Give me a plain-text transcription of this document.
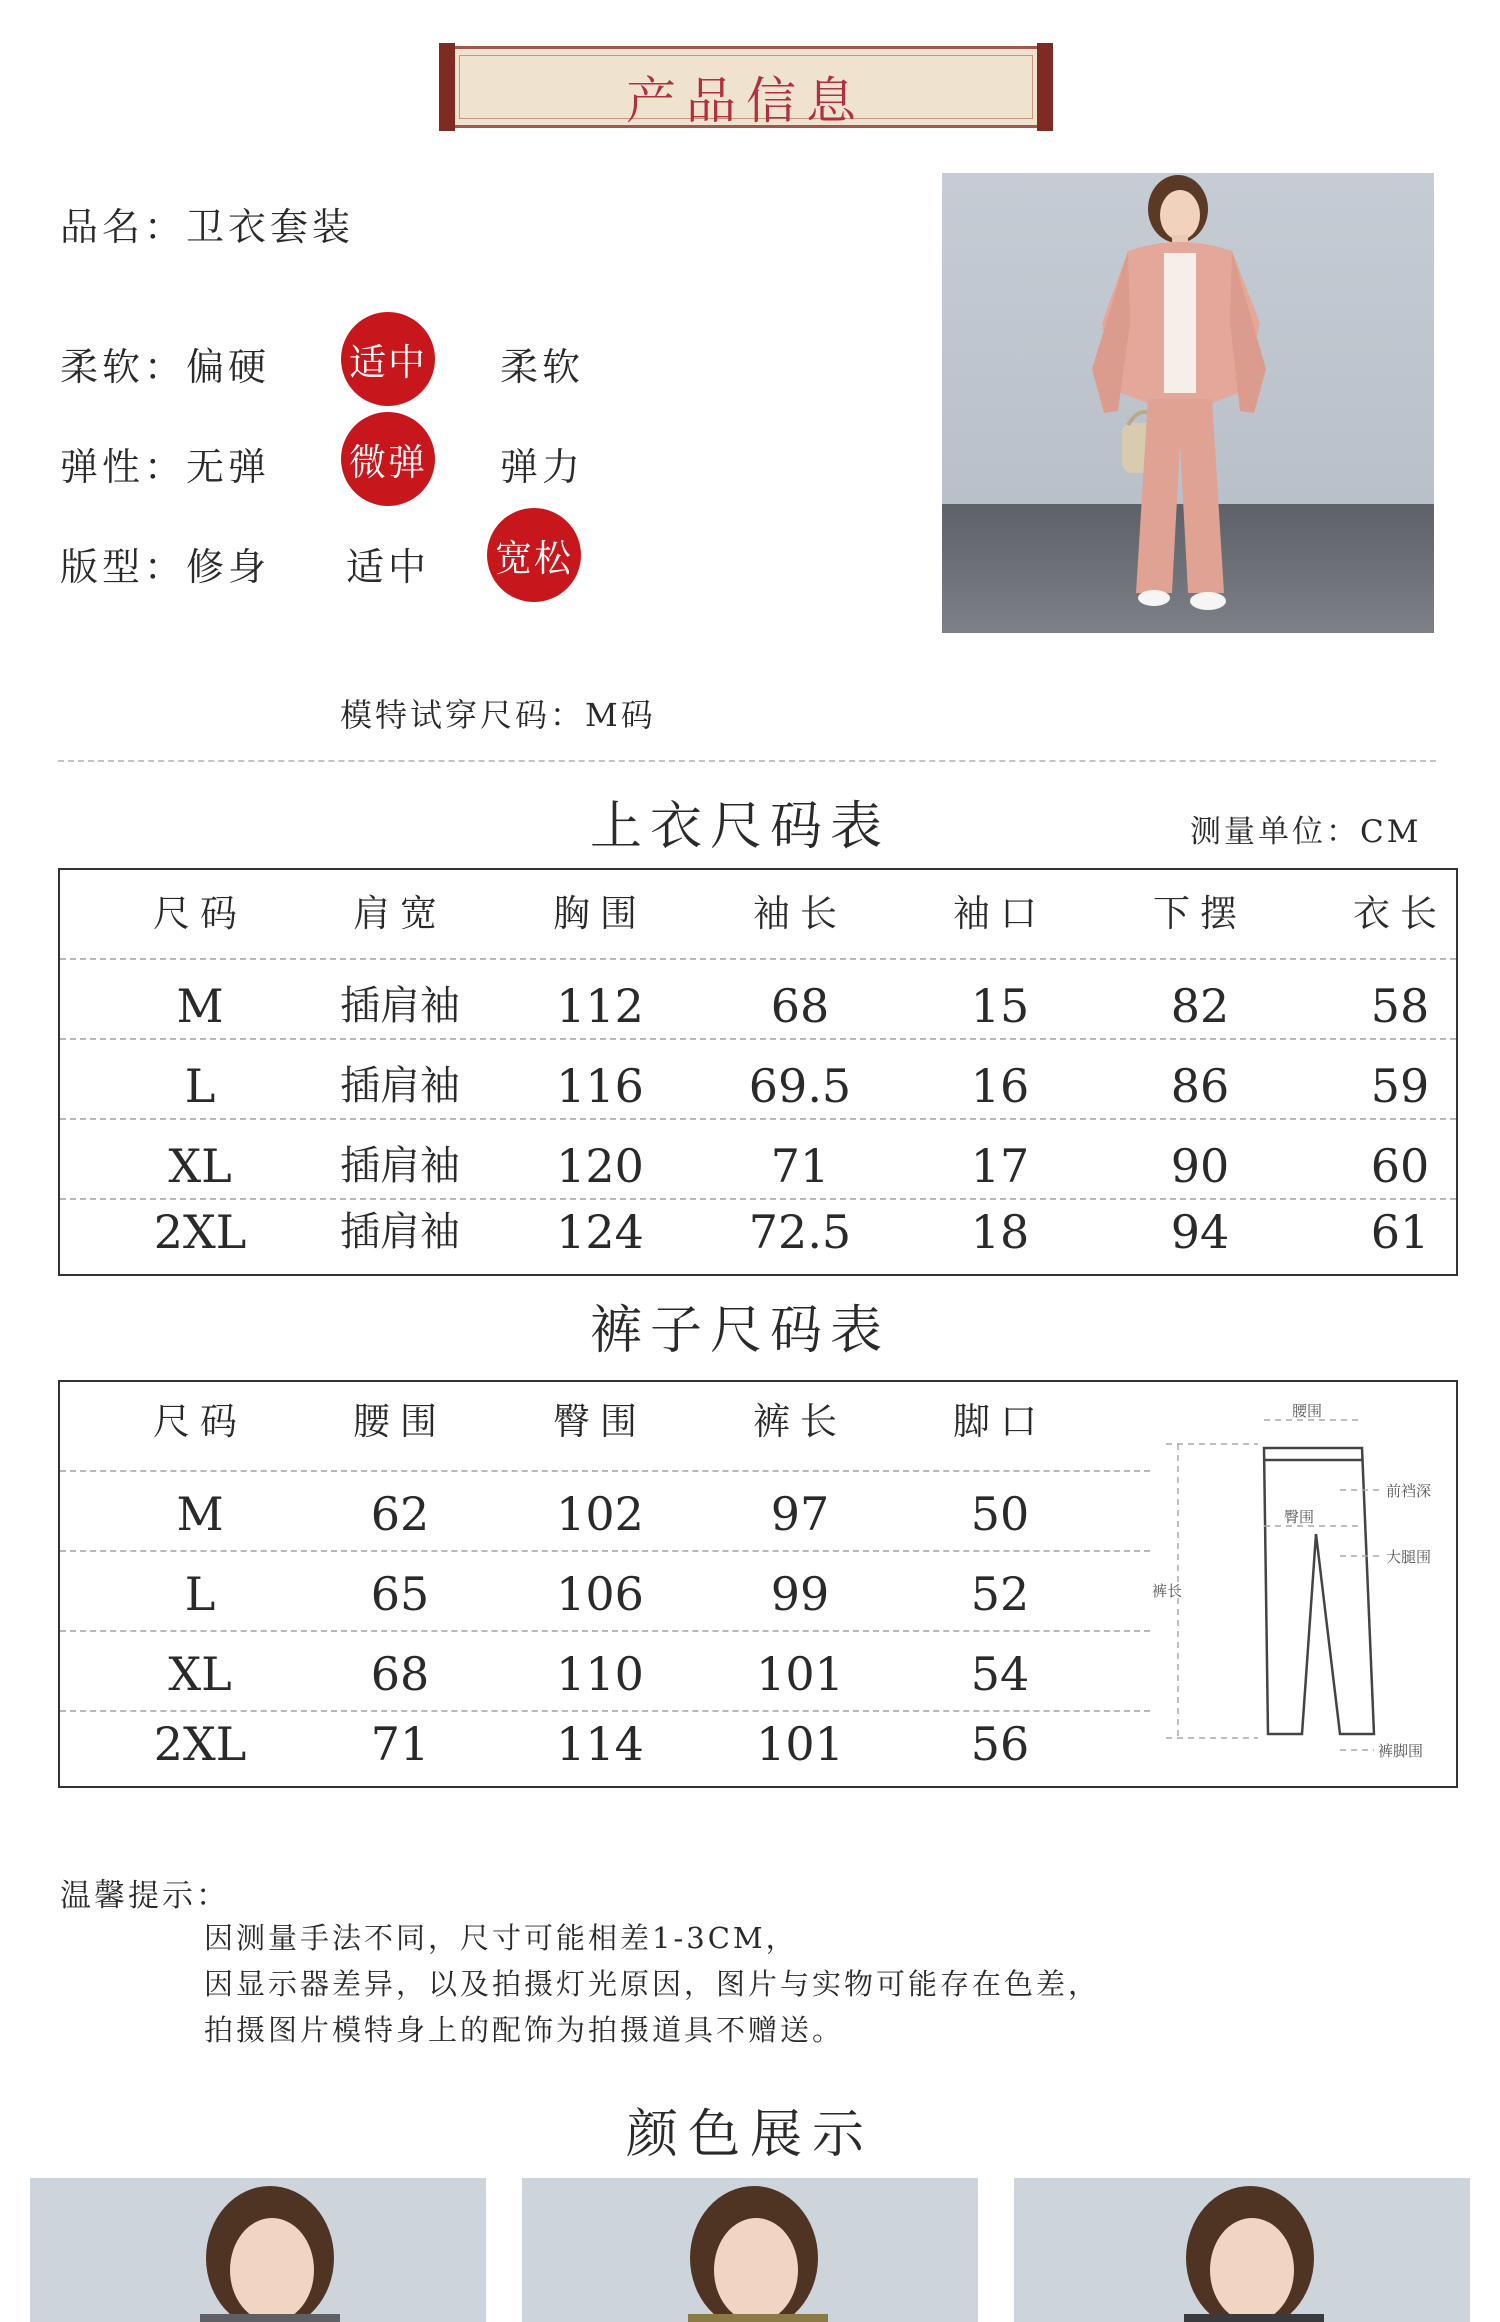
产品信息
品名： 卫衣套装
柔软： 偏硬 适中 柔软
弹性： 无弹 微弹 弹力
版型： 修身 适中 宽松
模特试穿尺码：M码
上衣尺码表	测量单位：CM
尺码	肩宽	胸围	袖长	袖口	下摆	衣长
M	插肩袖	112	68	15	82	58
L	插肩袖	116	69.5	16	86	59
XL	插肩袖	120	71	17	90	60
2XL	插肩袖	124	72.5	18	94	61
裤子尺码表
尺码	腰围	臀围	裤长	脚口
M	62	102	97	50
L	65	106	99	52
XL	68	110	101	54
2XL	71	114	101	56
腰围
前裆深
臀围
大腿围
裤长
裤脚围
温馨提示：
因测量手法不同，尺寸可能相差1-3CM，
因显示器差异，以及拍摄灯光原因，图片与实物可能存在色差，
拍摄图片模特身上的配饰为拍摄道具不赠送。
颜色展示
